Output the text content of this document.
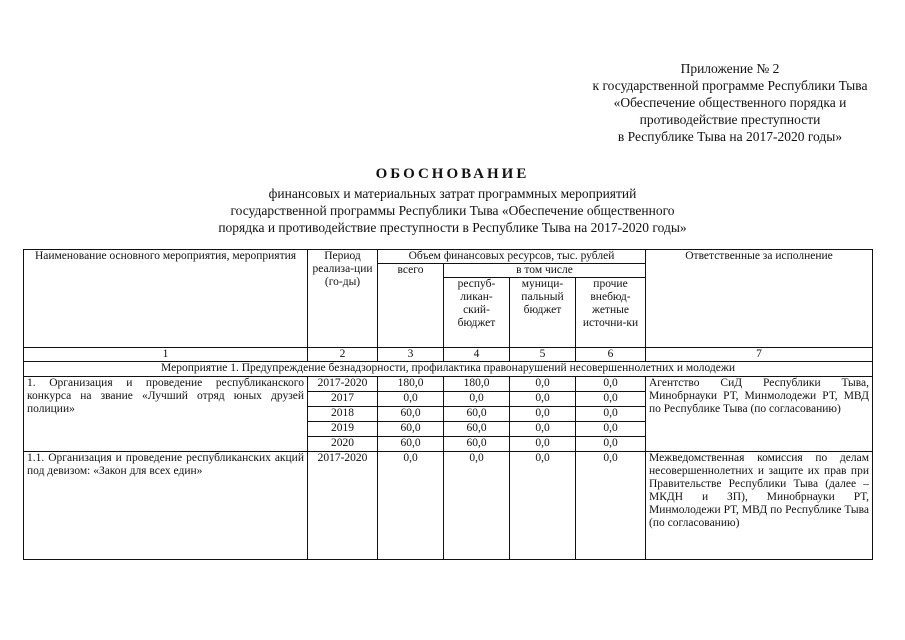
Приложение № 2
к государственной программе Республики Тыва
«Обеспечение общественного порядка и
противодействие преступности
в Республике Тыва на 2017-2020 годы»
ОБОСНОВАНИЕ
финансовых и материальных затрат программных мероприятий
государственной программы Республики Тыва «Обеспечение общественного
порядка и противодействие преступности в Республике Тыва на 2017-2020 годы»
Наименование основного мероприятия, мероприятия	Период реализа-ции (го-ды)	Объем финансовых ресурсов, тыс. рублей				Ответственные за исполнение
		всего	в том числе			
			респуб-ликан-ский-бюджет	муници-пальный бюджет	прочие внебюд-жетные источни-ки	
1	2	3	4	5	6	7
Мероприятие 1. Предупреждение безнадзорности, профилактика правонарушений несовершеннолетних и молодежи						
1. Организация и проведение республиканского конкурса на звание «Лучший отряд юных друзей полиции»	2017-2020	180,0	180,0	0,0	0,0	Агентство СиД Республики Тыва, Минобрнауки РТ, Минмолодежи РТ, МВД по Республике Тыва (по согласованию)
	2017	0,0	0,0	0,0	0,0	
	2018	60,0	60,0	0,0	0,0	
	2019	60,0	60,0	0,0	0,0	
	2020	60,0	60,0	0,0	0,0	
1.1. Организация и проведение республиканских акций под девизом: «Закон для всех един»	2017-2020	0,0	0,0	0,0	0,0	Межведомственная комиссия по делам несовершеннолетних и защите их прав при Правительстве Республики Тыва (далее – МКДН и ЗП), Минобрнауки РТ, Минмолодежи РТ, МВД по Республике Тыва (по согласованию)
